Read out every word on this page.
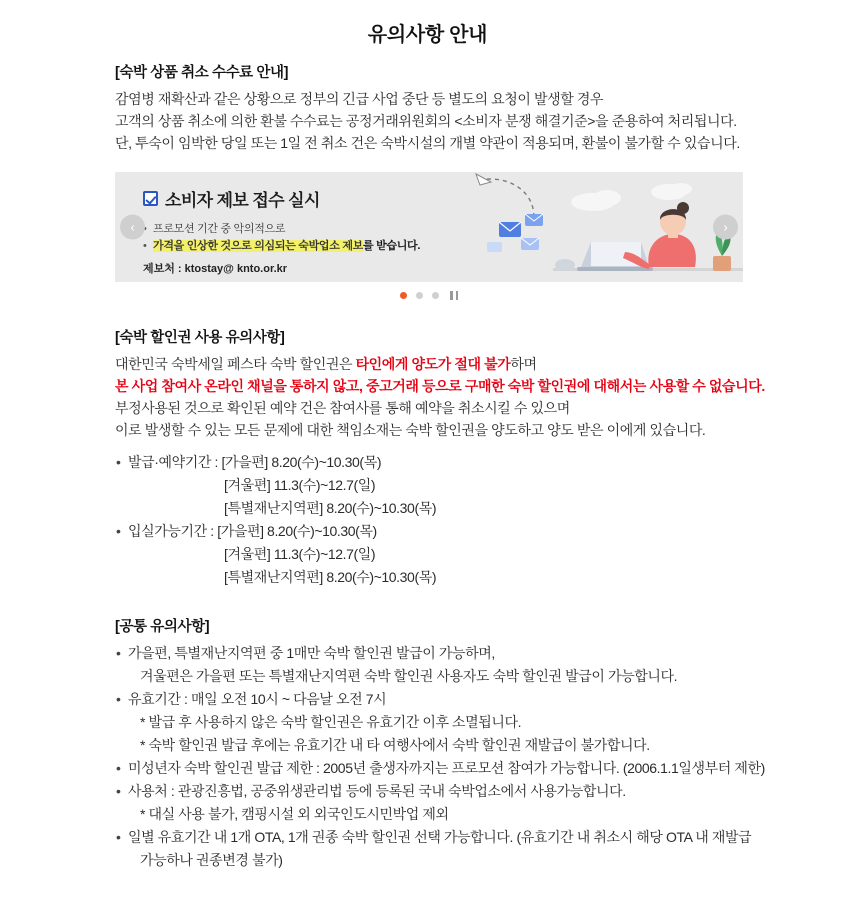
유의사항 안내
[숙박 상품 취소 수수료 안내]
감염병 재확산과 같은 상황으로 정부의 긴급 사업 중단 등 별도의 요청이 발생할 경우
고객의 상품 취소에 의한 환불 수수료는 공정거래위원회의 <소비자 분쟁 해결기준>을 준용하여 처리됩니다.
단, 투숙이 임박한 당일 또는 1일 전 취소 건은 숙박시설의 개별 약관이 적용되며, 환불이 불가할 수 있습니다.
소비자 제보 접수 실시
• 프로모션 기간 중 악의적으로
• 가격을 인상한 것으로 의심되는 숙박업소 제보를 받습니다.
제보처 : ktostay@ knto.or.kr
‹	›
[숙박 할인권 사용 유의사항]
대한민국 숙박세일 페스타 숙박 할인권은 타인에게 양도가 절대 불가하며
본 사업 참여사 온라인 채널을 통하지 않고, 중고거래 등으로 구매한 숙박 할인권에 대해서는 사용할 수 없습니다.
부정사용된 것으로 확인된 예약 건은 참여사를 통해 예약을 취소시킬 수 있으며
이로 발생할 수 있는 모든 문제에 대한 책임소재는 숙박 할인권을 양도하고 양도 받은 이에게 있습니다.
• 발급·예약기간 : [가을편] 8.20(수)~10.30(목)
[겨울편] 11.3(수)~12.7(일)
[특별재난지역편] 8.20(수)~10.30(목)
• 입실가능기간 : [가을편] 8.20(수)~10.30(목)
[겨울편] 11.3(수)~12.7(일)
[특별재난지역편] 8.20(수)~10.30(목)
[공통 유의사항]
• 가을편, 특별재난지역편 중 1매만 숙박 할인권 발급이 가능하며,
겨울편은 가을편 또는 특별재난지역편 숙박 할인권 사용자도 숙박 할인권 발급이 가능합니다.
• 유효기간 : 매일 오전 10시 ~ 다음날 오전 7시
* 발급 후 사용하지 않은 숙박 할인권은 유효기간 이후 소멸됩니다.
* 숙박 할인권 발급 후에는 유효기간 내 타 여행사에서 숙박 할인권 재발급이 불가합니다.
• 미성년자 숙박 할인권 발급 제한 : 2005년 출생자까지는 프로모션 참여가 가능합니다. (2006.1.1일생부터 제한)
• 사용처 : 관광진흥법, 공중위생관리법 등에 등록된 국내 숙박업소에서 사용가능합니다.
* 대실 사용 불가, 캠핑시설 외 외국인도시민박업 제외
• 일별 유효기간 내 1개 OTA, 1개 권종 숙박 할인권 선택 가능합니다. (유효기간 내 취소시 해당 OTA 내 재발급
가능하나 권종변경 불가)
